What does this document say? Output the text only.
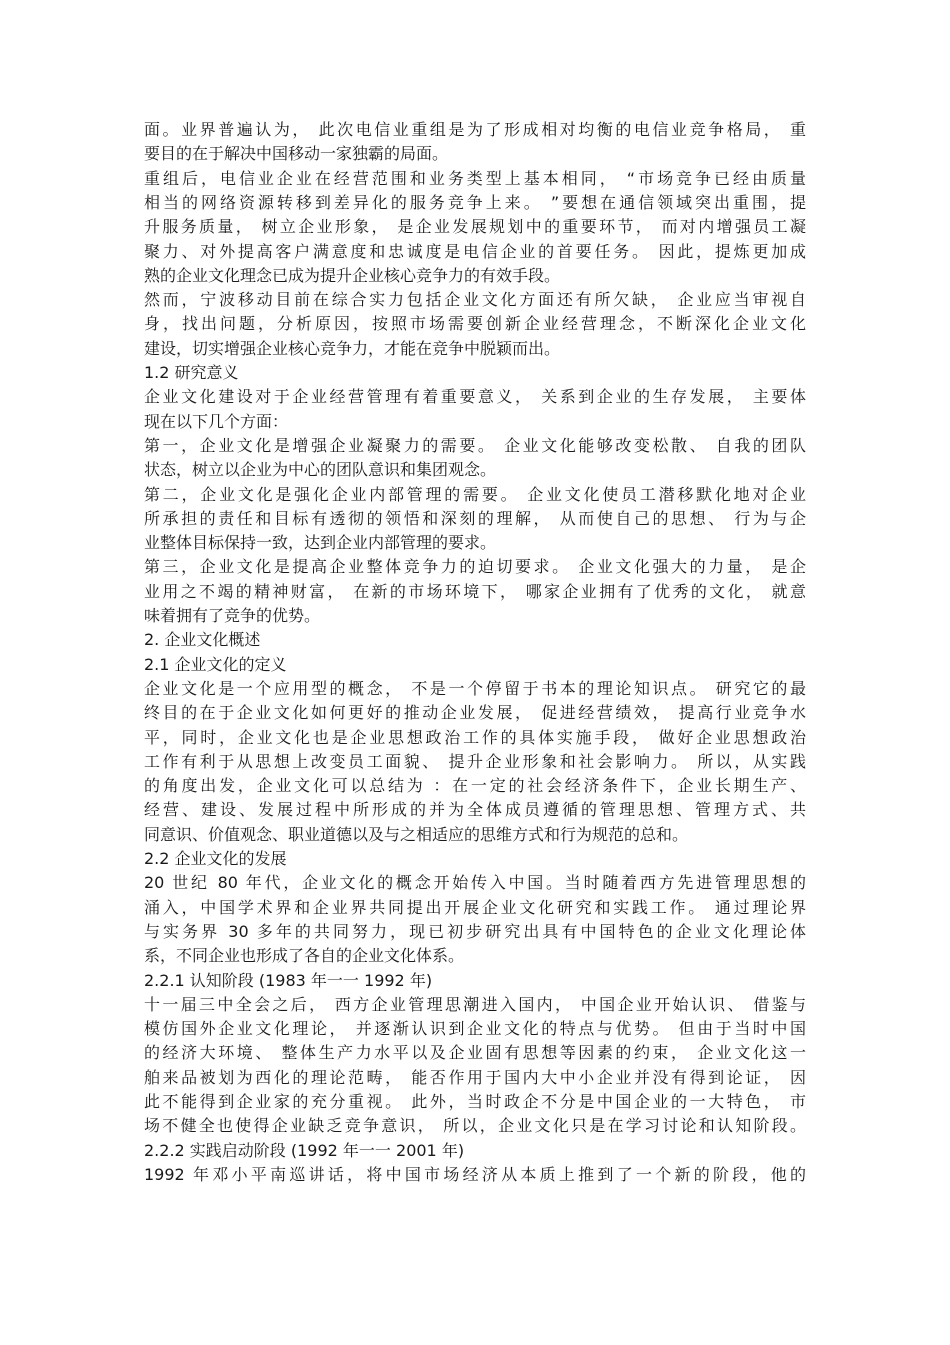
面。业界普遍认为， 此次电信业重组是为了形成相对均衡的电信业竞争格局， 重

要目的在于解决中国移动一家独霸的局面。

重组后，电信业企业在经营范围和业务类型上基本相同， “市场竞争已经由质量

相当的网络资源转移到差异化的服务竞争上来。 ”要想在通信领域突出重围，提

升服务质量， 树立企业形象， 是企业发展规划中的重要环节， 而对内增强员工凝

聚力、对外提高客户满意度和忠诚度是电信企业的首要任务。 因此，提炼更加成

熟的企业文化理念已成为提升企业核心竞争力的有效手段。

然而，宁波移动目前在综合实力包括企业文化方面还有所欠缺， 企业应当审视自

身，找出问题，分析原因，按照市场需要创新企业经营理念，不断深化企业文化

建设，切实增强企业核心竞争力，才能在竞争中脱颖而出。

1.2 研究意义

企业文化建设对于企业经营管理有着重要意义， 关系到企业的生存发展， 主要体

现在以下几个方面：

第一，企业文化是增强企业凝聚力的需要。 企业文化能够改变松散、 自我的团队

状态，树立以企业为中心的团队意识和集团观念。

第二，企业文化是强化企业内部管理的需要。 企业文化使员工潜移默化地对企业

所承担的责任和目标有透彻的领悟和深刻的理解， 从而使自己的思想、 行为与企

业整体目标保持一致，达到企业内部管理的要求。

第三，企业文化是提高企业整体竞争力的迫切要求。 企业文化强大的力量， 是企

业用之不竭的精神财富， 在新的市场环境下， 哪家企业拥有了优秀的文化， 就意

味着拥有了竞争的优势。

2. 企业文化概述

2.1 企业文化的定义

企业文化是一个应用型的概念， 不是一个停留于书本的理论知识点。 研究它的最

终目的在于企业文化如何更好的推动企业发展， 促进经营绩效， 提高行业竞争水

平，同时，企业文化也是企业思想政治工作的具体实施手段， 做好企业思想政治

工作有利于从思想上改变员工面貌、 提升企业形象和社会影响力。 所以，从实践

的角度出发，企业文化可以总结为 ：在一定的社会经济条件下，企业长期生产、

经营、建设、发展过程中所形成的并为全体成员遵循的管理思想、管理方式、共

同意识、价值观念、职业道德以及与之相适应的思维方式和行为规范的总和。

2.2 企业文化的发展

20 世纪 80 年代，企业文化的概念开始传入中国。当时随着西方先进管理思想的

涌入，中国学术界和企业界共同提出开展企业文化研究和实践工作。 通过理论界

与实务界 30 多年的共同努力，现已初步研究出具有中国特色的企业文化理论体

系，不同企业也形成了各自的企业文化体系。

2.2.1 认知阶段 (1983 年一一 1992 年)

十一届三中全会之后， 西方企业管理思潮进入国内， 中国企业开始认识、 借鉴与

模仿国外企业文化理论， 并逐渐认识到企业文化的特点与优势。 但由于当时中国

的经济大环境、 整体生产力水平以及企业固有思想等因素的约束， 企业文化这一

舶来品被划为西化的理论范畴， 能否作用于国内大中小企业并没有得到论证， 因

此不能得到企业家的充分重视。 此外，当时政企不分是中国企业的一大特色， 市

场不健全也使得企业缺乏竞争意识， 所以，企业文化只是在学习讨论和认知阶段。

2.2.2 实践启动阶段 (1992 年一一 2001 年)

1992 年邓小平南巡讲话，将中国市场经济从本质上推到了一个新的阶段，他的
